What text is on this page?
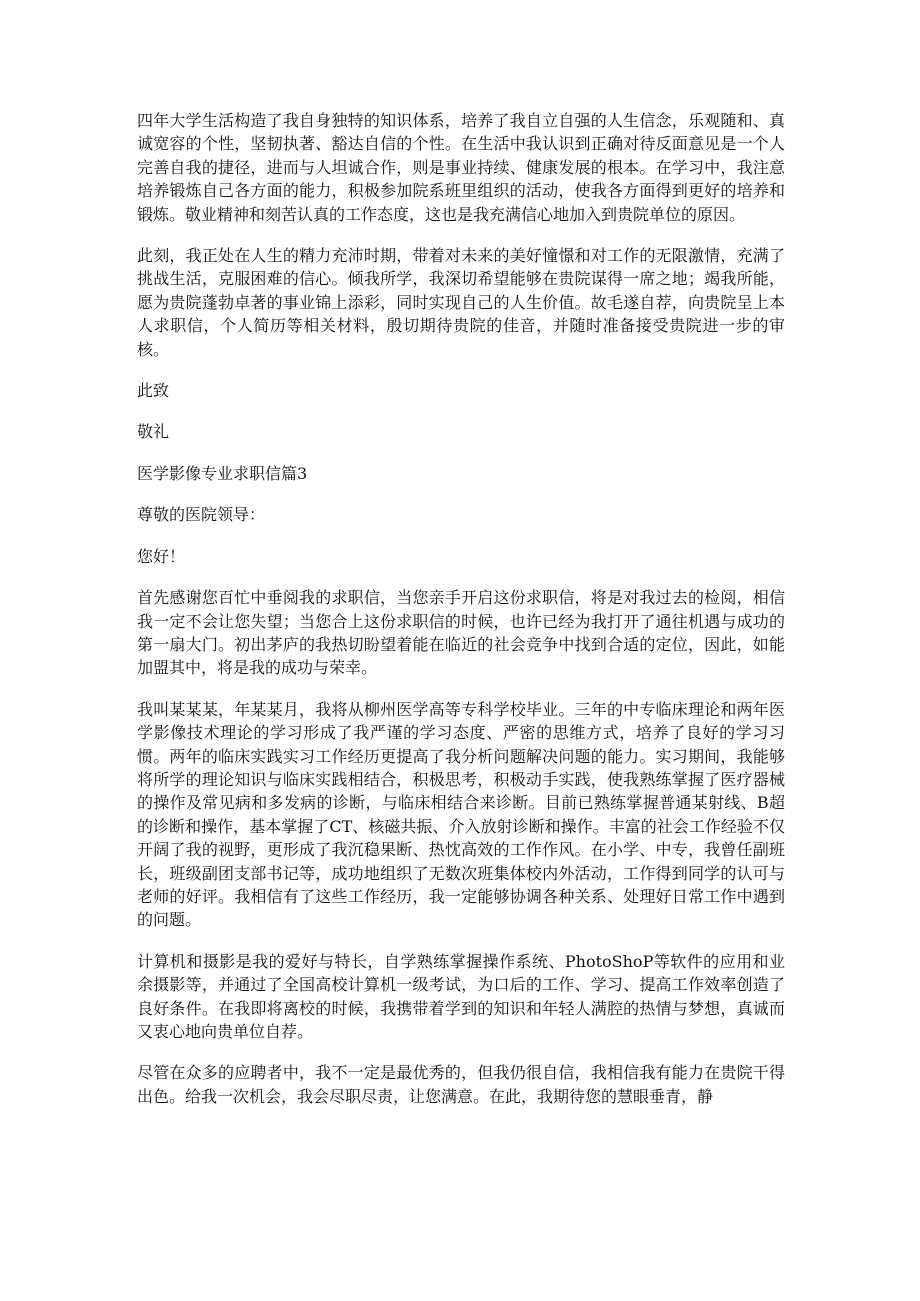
四年大学生活构造了我自身独特的知识体系，培养了我自立自强的人生信念，乐观随和、真诚宽容的个性，坚韧执著、豁达自信的个性。在生活中我认识到正确对待反面意见是一个人完善自我的捷径，进而与人坦诚合作，则是事业持续、健康发展的根本。在学习中，我注意培养锻炼自己各方面的能力，积极参加院系班里组织的活动，使我各方面得到更好的培养和锻炼。敬业精神和刻苦认真的工作态度，这也是我充满信心地加入到贵院单位的原因。

此刻，我正处在人生的精力充沛时期，带着对未来的美好憧憬和对工作的无限激情，充满了挑战生活，克服困难的信心。倾我所学，我深切希望能够在贵院谋得一席之地；竭我所能，愿为贵院蓬勃卓著的事业锦上添彩，同时实现自己的人生价值。故毛遂自荐，向贵院呈上本人求职信，个人简历等相关材料，殷切期待贵院的佳音，并随时准备接受贵院进一步的审核。

此致

敬礼

医学影像专业求职信篇3

尊敬的医院领导：

您好！

首先感谢您百忙中垂阅我的求职信，当您亲手开启这份求职信，将是对我过去的检阅，相信我一定不会让您失望；当您合上这份求职信的时候，也许已经为我打开了通往机遇与成功的第一扇大门。初出茅庐的我热切盼望着能在临近的社会竞争中找到合适的定位，因此，如能加盟其中，将是我的成功与荣幸。

我叫某某某，年某某月，我将从柳州医学高等专科学校毕业。三年的中专临床理论和两年医学影像技术理论的学习形成了我严谨的学习态度、严密的思维方式，培养了良好的学习习惯。两年的临床实践实习工作经历更提高了我分析问题解决问题的能力。实习期间，我能够将所学的理论知识与临床实践相结合，积极思考，积极动手实践，使我熟练掌握了医疗器械的操作及常见病和多发病的诊断，与临床相结合来诊断。目前已熟练掌握普通某射线、B超的诊断和操作，基本掌握了CT、核磁共振、介入放射诊断和操作。丰富的社会工作经验不仅开阔了我的视野，更形成了我沉稳果断、热忱高效的工作作风。在小学、中专，我曾任副班长，班级副团支部书记等，成功地组织了无数次班集体校内外活动，工作得到同学的认可与老师的好评。我相信有了这些工作经历，我一定能够协调各种关系、处理好日常工作中遇到的问题。

计算机和摄影是我的爱好与特长，自学熟练掌握操作系统、PhotoShoP等软件的应用和业余摄影等，并通过了全国高校计算机一级考试，为口后的工作、学习、提高工作效率创造了良好条件。在我即将离校的时候，我携带着学到的知识和年轻人满腔的热情与梦想，真诚而又衷心地向贵单位自荐。

尽管在众多的应聘者中，我不一定是最优秀的，但我仍很自信，我相信我有能力在贵院干得出色。给我一次机会，我会尽职尽责，让您满意。在此，我期待您的慧眼垂青，静
